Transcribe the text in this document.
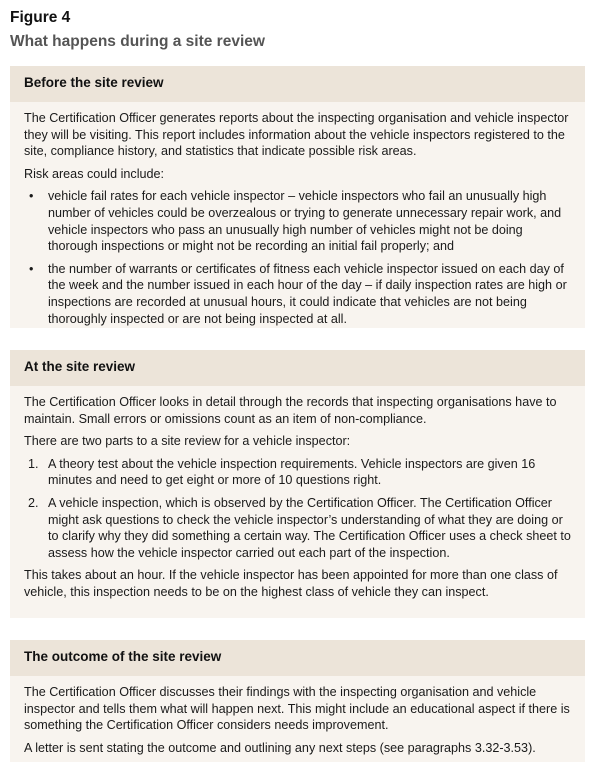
Figure 4
What happens during a site review
Before the site review

The Certification Officer generates reports about the inspecting organisation and vehicle inspector they will be visiting. This report includes information about the vehicle inspectors registered to the site, compliance history, and statistics that indicate possible risk areas.

Risk areas could include:

• vehicle fail rates for each vehicle inspector – vehicle inspectors who fail an unusually high number of vehicles could be overzealous or trying to generate unnecessary repair work, and vehicle inspectors who pass an unusually high number of vehicles might not be doing thorough inspections or might not be recording an initial fail properly; and
• the number of warrants or certificates of fitness each vehicle inspector issued on each day of the week and the number issued in each hour of the day – if daily inspection rates are high or inspections are recorded at unusual hours, it could indicate that vehicles are not being thoroughly inspected or are not being inspected at all.
At the site review

The Certification Officer looks in detail through the records that inspecting organisations have to maintain. Small errors or omissions count as an item of non-compliance.

There are two parts to a site review for a vehicle inspector:

1. A theory test about the vehicle inspection requirements. Vehicle inspectors are given 16 minutes and need to get eight or more of 10 questions right.
2. A vehicle inspection, which is observed by the Certification Officer. The Certification Officer might ask questions to check the vehicle inspector’s understanding of what they are doing or to clarify why they did something a certain way. The Certification Officer uses a check sheet to assess how the vehicle inspector carried out each part of the inspection.

This takes about an hour. If the vehicle inspector has been appointed for more than one class of vehicle, this inspection needs to be on the highest class of vehicle they can inspect.

The outcome of the site review

The Certification Officer discusses their findings with the inspecting organisation and vehicle inspector and tells them what will happen next. This might include an educational aspect if there is something the Certification Officer considers needs improvement.

A letter is sent stating the outcome and outlining any next steps (see paragraphs 3.32-3.53).
